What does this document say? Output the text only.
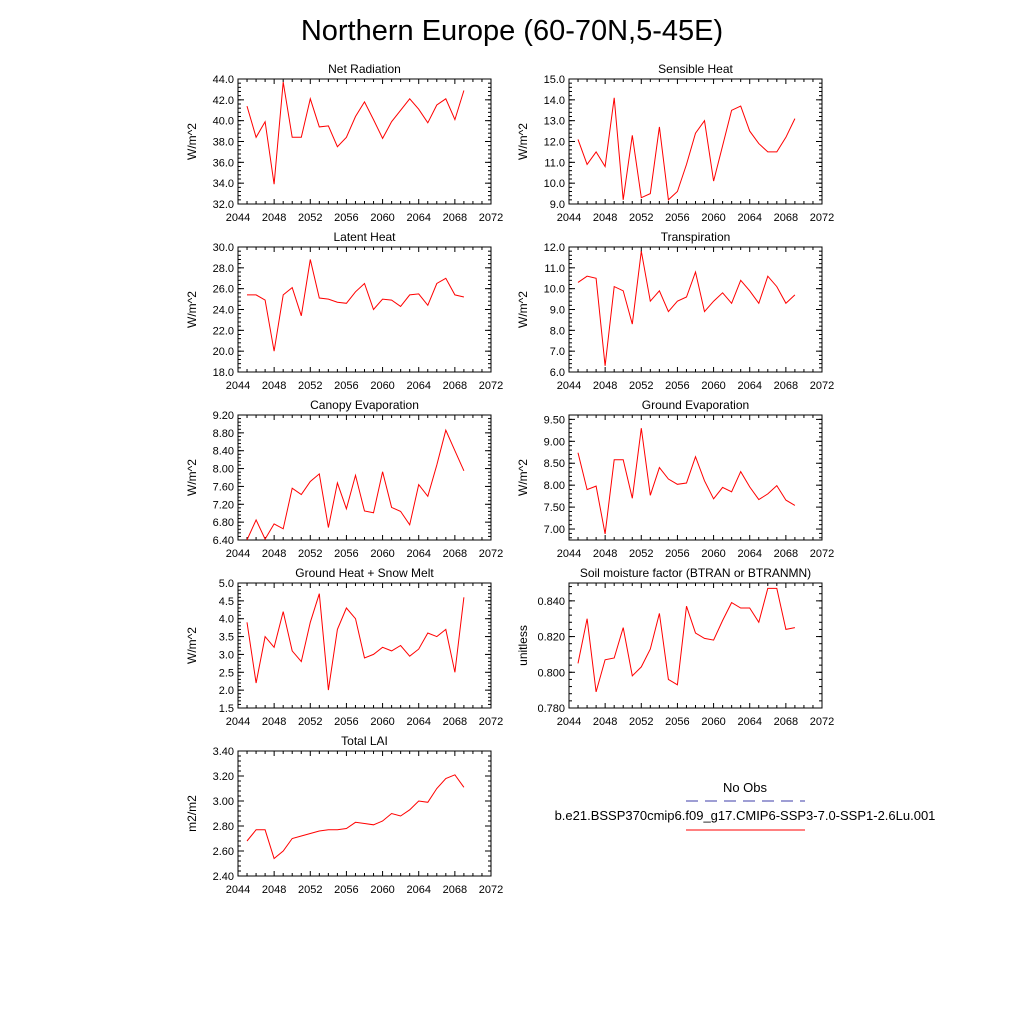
Northern Europe (60-70N,5-45E)
No Obs
b.e21.BSSP370cmip6.f09_g17.CMIP6-SSP3-7.0-SSP1-2.6Lu.001
Net Radiation
W/m^2
2044 2048 2052 2056 2060 2064 2068 2072
32.0
34.0
36.0
38.0
40.0
42.0
44.0
Sensible Heat
W/m^2
2044 2048 2052 2056 2060 2064 2068 2072
9.0
10.0
11.0
12.0
13.0
14.0
15.0
Latent Heat
W/m^2
2044 2048 2052 2056 2060 2064 2068 2072
18.0
20.0
22.0
24.0
26.0
28.0
30.0
Transpiration
W/m^2
2044 2048 2052 2056 2060 2064 2068 2072
6.0
7.0
8.0
9.0
10.0
11.0
12.0
Canopy Evaporation
W/m^2
2044 2048 2052 2056 2060 2064 2068 2072
6.40
6.80
7.20
7.60
8.00
8.40
8.80
9.20
Ground Evaporation
W/m^2
2044 2048 2052 2056 2060 2064 2068 2072
7.00
7.50
8.00
8.50
9.00
9.50
Ground Heat + Snow Melt
W/m^2
2044 2048 2052 2056 2060 2064 2068 2072
1.5
2.0
2.5
3.0
3.5
4.0
4.5
5.0
Soil moisture factor (BTRAN or BTRANMN)
unitless
2044 2048 2052 2056 2060 2064 2068 2072
0.780
0.800
0.820
0.840
Total LAI
m2/m2
2044 2048 2052 2056 2060 2064 2068 2072
2.40
2.60
2.80
3.00
3.20
3.40
